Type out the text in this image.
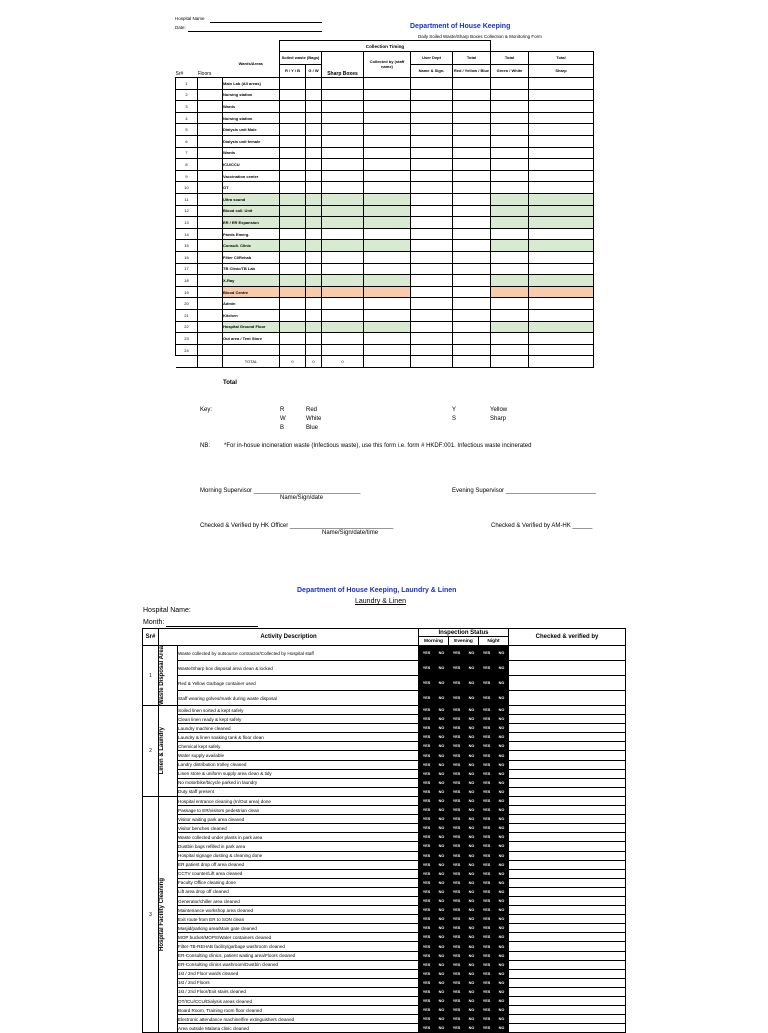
Hospital Name
Date:	Department of House Keeping
Daily Soiled Waste/Sharp Boxes Collection & Monitoring Form
			Collection Timing							
Sr#	Floors	Wards/Areas	Soiled waste (Bags)		Sharp Boxes	Collected by (staff name)	User Dept	Total	Total	Total
			R / Y / B	G / W			Name & Sign.	Red / Yellow / Blue	Green / White	Sharp
1		Main Lab (All areas)								
2		Nursing station								
3		Wards								
4		Nursing station								
5		Dialysis unit Male								
6		Dialysis unit female								
7		Wards								
8		ICU/CCU								
9		Vaccination center								
10		OT								
11		Ultra sound								
12		Blood coll. Unit								
13		ER / ER Expansion								
14		Paeds Emerg.								
15		Consult. Clinic								
16		Filter Cl/Rehab								
17		TB Clinic/TB Lab								
18		X-Ray								
19		Blood Centre								
20		Admin								
21		Kitchen								
22		Hospital Ground Floor								
23		Out area / Tent Store								
24										
		TOTAL	0	0	0					
Total
Key:	R	Red
W	White
B	Blue
Y	Yellow
S	Sharp
NB: *For in-hosue incineration waste (Infectious waste), use this form i.e. form # HKDF:001. Infectious waste incinerated
Morning Supervisor ________________________________
Name/Sign/date
Evening Supervisor ___________________________
Checked & Verified by HK Officer _______________________________
Name/Sign/date/time
Checked & Verified by AM-HK ______
Department of House Keeping, Laundry & Linen
Laundry & Linen
Hospital Name:
Month:
Sr#	Activity Description		Inspection Status						Checked & verified by
			Morning		Evening		Night		
1	Waste Disposal Area	Waste collected by outsource contractor/Collected by Hospital staff	YES	NO	YES	NO	YES	NO	
		Waste/Sharp box disposal area clean & locked	YES	NO	YES	NO	YES	NO	
		Red & Yellow Garbage container used	YES	NO	YES	NO	YES	NO	
		Staff wearing golves/mask during waste disposal	YES	NO	YES	NO	YES	NO	
2	Linen & Laundry	Soiled linen sorted & kept safely	YES	NO	YES	NO	YES	NO	
		Clean linen ready & kept safely	YES	NO	YES	NO	YES	NO	
		Laundry machine cleaned	YES	NO	YES	NO	YES	NO	
		Laundry & linen soaking tank & floor clean	YES	NO	YES	NO	YES	NO	
		Chemical kept safely	YES	NO	YES	NO	YES	NO	
		Water supply available	YES	NO	YES	NO	YES	NO	
		Landry distribution trolley cleaned	YES	NO	YES	NO	YES	NO	
		Linen store & uniform supply area clean & tidy	YES	NO	YES	NO	YES	NO	
		No motorbike/bicycle parked in laundry	YES	NO	YES	NO	YES	NO	
		Duty staff present	YES	NO	YES	NO	YES	NO	
3	Hospital Facility Cleaning	Hospital entrance cleaning (In/Out area) done	YES	NO	YES	NO	YES	NO	
		Passage to ER/visitors pedestrian clean	YES	NO	YES	NO	YES	NO	
		Visitor waiting park area cleaned	YES	NO	YES	NO	YES	NO	
		Visitor benches cleaned	YES	NO	YES	NO	YES	NO	
		Waste collected under plants in park area	YES	NO	YES	NO	YES	NO	
		Dustbin bags refilled in park area	YES	NO	YES	NO	YES	NO	
		Hospital signage dusting & cleaning done	YES	NO	YES	NO	YES	NO	
		ER patient drop off area cleaned	YES	NO	YES	NO	YES	NO	
		CCTV counter/Lift area cleaned	YES	NO	YES	NO	YES	NO	
		Faculty Office cleaning done	YES	NO	YES	NO	YES	NO	
		Lift area drop off cleaned	YES	NO	YES	NO	YES	NO	
		Generator/chiller area cleaned	YES	NO	YES	NO	YES	NO	
		Maintenance workshop area cleaned	YES	NO	YES	NO	YES	NO	
		Exit route from ER to SON clean	YES	NO	YES	NO	YES	NO	
		Masjid/parking area/Main gate cleaned	YES	NO	YES	NO	YES	NO	
		MOP bucket/MOPS/Water containers cleaned	YES	NO	YES	NO	YES	NO	
		Filter-TB-REHAB facility/garbage washroom cleaned	YES	NO	YES	NO	YES	NO	
		ER-Consulting clinics, patient waiting area/Floors cleaned	YES	NO	YES	NO	YES	NO	
		ER-Consulting clinics washroom/Dustbin cleaned	YES	NO	YES	NO	YES	NO	
		1st / 2nd Floor wards cleaned	YES	NO	YES	NO	YES	NO	
		1st / 2nd Floors	YES	NO	YES	NO	YES	NO	
		1st / 2nd Floor/Exit stairs cleaned	YES	NO	YES	NO	YES	NO	
		OT/ICU/CCU/Dialysis areas cleaned	YES	NO	YES	NO	YES	NO	
		Board Room, Training room floor cleaned	YES	NO	YES	NO	YES	NO	
		Electronic attendance machine/fire extinguishers cleaned	YES	NO	YES	NO	YES	NO	
		Area outside Malaria clinic cleaned	YES	NO	YES	NO	YES	NO	
